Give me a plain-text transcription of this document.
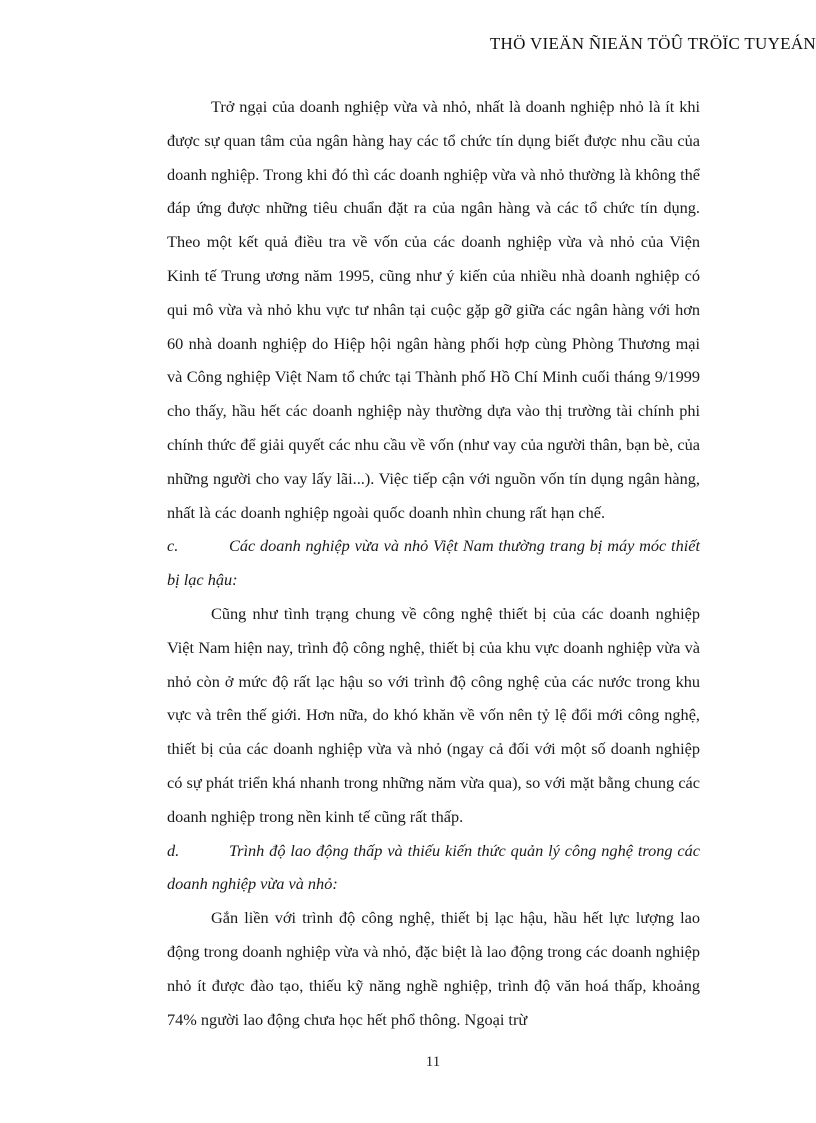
THÖ VIEÄN ÑIEÄN TÖÛ TRÖÏC TUYEÁN

Trở ngại của doanh nghiệp vừa và nhỏ, nhất là doanh nghiệp nhỏ là ít khi được sự quan tâm của ngân hàng hay các tổ chức tín dụng biết được nhu cầu của doanh nghiệp. Trong khi đó thì các doanh nghiệp vừa và nhỏ thường là không thể đáp ứng được những tiêu chuẩn đặt ra của ngân hàng và các tổ chức tín dụng. Theo một kết quả điều tra về vốn của các doanh nghiệp vừa và nhỏ của Viện Kinh tế Trung ương năm 1995, cũng như ý kiến của nhiều nhà doanh nghiệp có qui mô vừa và nhỏ khu vực tư nhân tại cuộc gặp gỡ giữa các ngân hàng với hơn 60 nhà doanh nghiệp do Hiệp hội ngân hàng phối hợp cùng Phòng Thương mại và Công nghiệp Việt Nam tổ chức tại Thành phố Hồ Chí Minh cuối tháng 9/1999 cho thấy, hầu hết các doanh nghiệp này thường dựa vào thị trường tài chính phi chính thức để giải quyết các nhu cầu về vốn (như vay của người thân, bạn bè, của những người cho vay lấy lãi...). Việc tiếp cận với nguồn vốn tín dụng ngân hàng, nhất là các doanh nghiệp ngoài quốc doanh nhìn chung rất hạn chế.

c.	Các doanh nghiệp vừa và nhỏ Việt Nam thường trang bị máy móc thiết bị lạc hậu:

Cũng như tình trạng chung về công nghệ thiết bị của các doanh nghiệp Việt Nam hiện nay, trình độ công nghệ, thiết bị của khu vực doanh nghiệp vừa và nhỏ còn ở mức độ rất lạc hậu so với trình độ công nghệ của các nước trong khu vực và trên thế giới. Hơn nữa, do khó khăn về vốn nên tỷ lệ đổi mới công nghệ, thiết bị của các doanh nghiệp vừa và nhỏ (ngay cả đối với một số doanh nghiệp có sự phát triển khá nhanh trong những năm vừa qua), so với mặt bằng chung các doanh nghiệp trong nền kinh tế cũng rất thấp.

d.	Trình độ lao động thấp và thiếu kiến thức quản lý công nghệ trong các doanh nghiệp vừa và nhỏ:

Gắn liền với trình độ công nghệ, thiết bị lạc hậu, hầu hết lực lượng lao động trong doanh nghiệp vừa và nhỏ, đặc biệt là lao động trong các doanh nghiệp nhỏ ít được đào tạo, thiếu kỹ năng nghề nghiệp, trình độ văn hoá thấp, khoảng 74% người lao động chưa học hết phổ thông. Ngoại trừ

11
